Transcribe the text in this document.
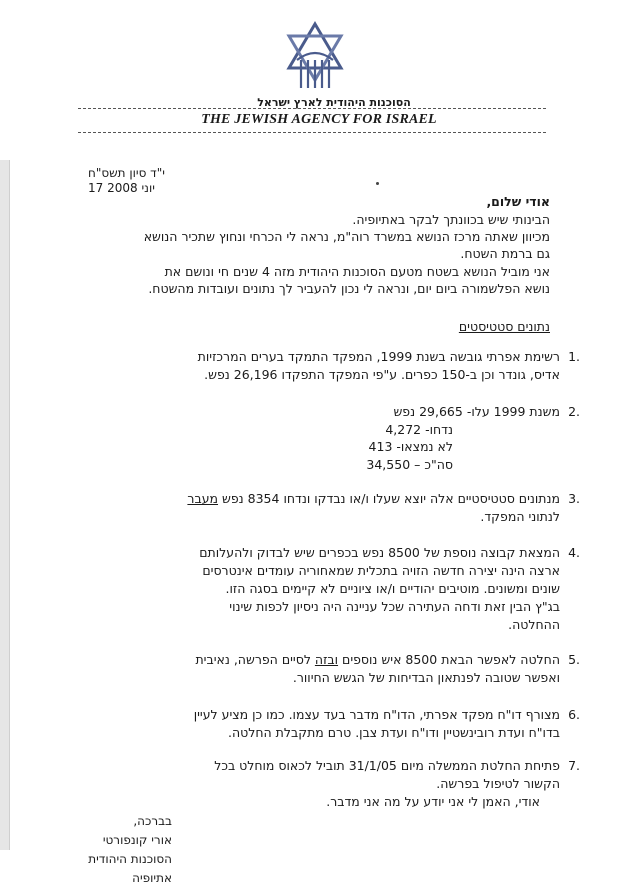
הסוכנות היהודית לארץ ישראל
THE JEWISH AGENCY FOR ISRAEL
י"ד סיון תשס"ח
17 יוני 2008
אודי שלום,
הבינותי שיש בכוונתך לבקר באתיופיה.
מכיוון שאתה מרכז הנושא במשרד רוה"מ, נראה לי הכרחי ונחוץ שתכיר הנושא
גם ברמת השטח.
אני מוביל הנושא בשטח מטעם הסוכנות היהודית מזה 4 שנים חי ונושם את
נושא הפלשמורה ביום יום, ונראה לי נכון להעביר לך נתונים ועובדות מהשטח.
נתונים סטטיסטים
.1
רשימת אפרתי גובשה בשנת 1999, המפקד התמקד בערים המרכזיות
אדיס, גונדר וכן ב-150 כפרים. ע"פי המפקד התפקדו 26,196 נפש.
.2
משנת 1999 עלו- 29,665 נפש
נדחו- 4,272
לא נמצאו- 413
סה"כ – 34,550
.3
מנתונים סטטיסטיים אלה יוצא שעלו ו/או נבדקו ונדחו 8354 נפש מעבר
לנתוני המפקד.
.4
המצאת קבוצה נוספת של 8500 נפש בכפרים שיש לבדוק ולהעלותם
ארצה הינה יצירה חדשה הזויה בתכלית שמאחוריה עומדים אינטרסים
שונים ומשונים. מוטיבים יהודיים ו/או ציוניים לא קיימים בסגה הזו.
בג"ץ הבין זאת ודחה העתירה שכל עניינה היה ניסיון לכפות שינוי
ההחלטה.
.5
החלטה לאפשר הבאת 8500 איש נוספים ובזה לסיים הפרשה, נאיבית
ואפשר שטובה לפנתאון הבדיחות של הגשש החיוור.
.6
מצורף דו"ח מפקד אפרתי, הדו"ח מדבר בעד עצמו. כמו כן מציע לעיין
בדו"ח ועדת רובינשטיין ודו"ח ועדת צבן. טרם מתקבלת החלטה.
.7
פתיחת החלטת הממשלה מיום 31/1/05 תוביל לכאוס מוחלט בכל
הקשור לטיפול בפרשה.
אודי, האמן לי אני יודע על מה אני מדבר.
בברכה,
אורי קונפורטי
הסוכנות היהודית
אתיופיה
